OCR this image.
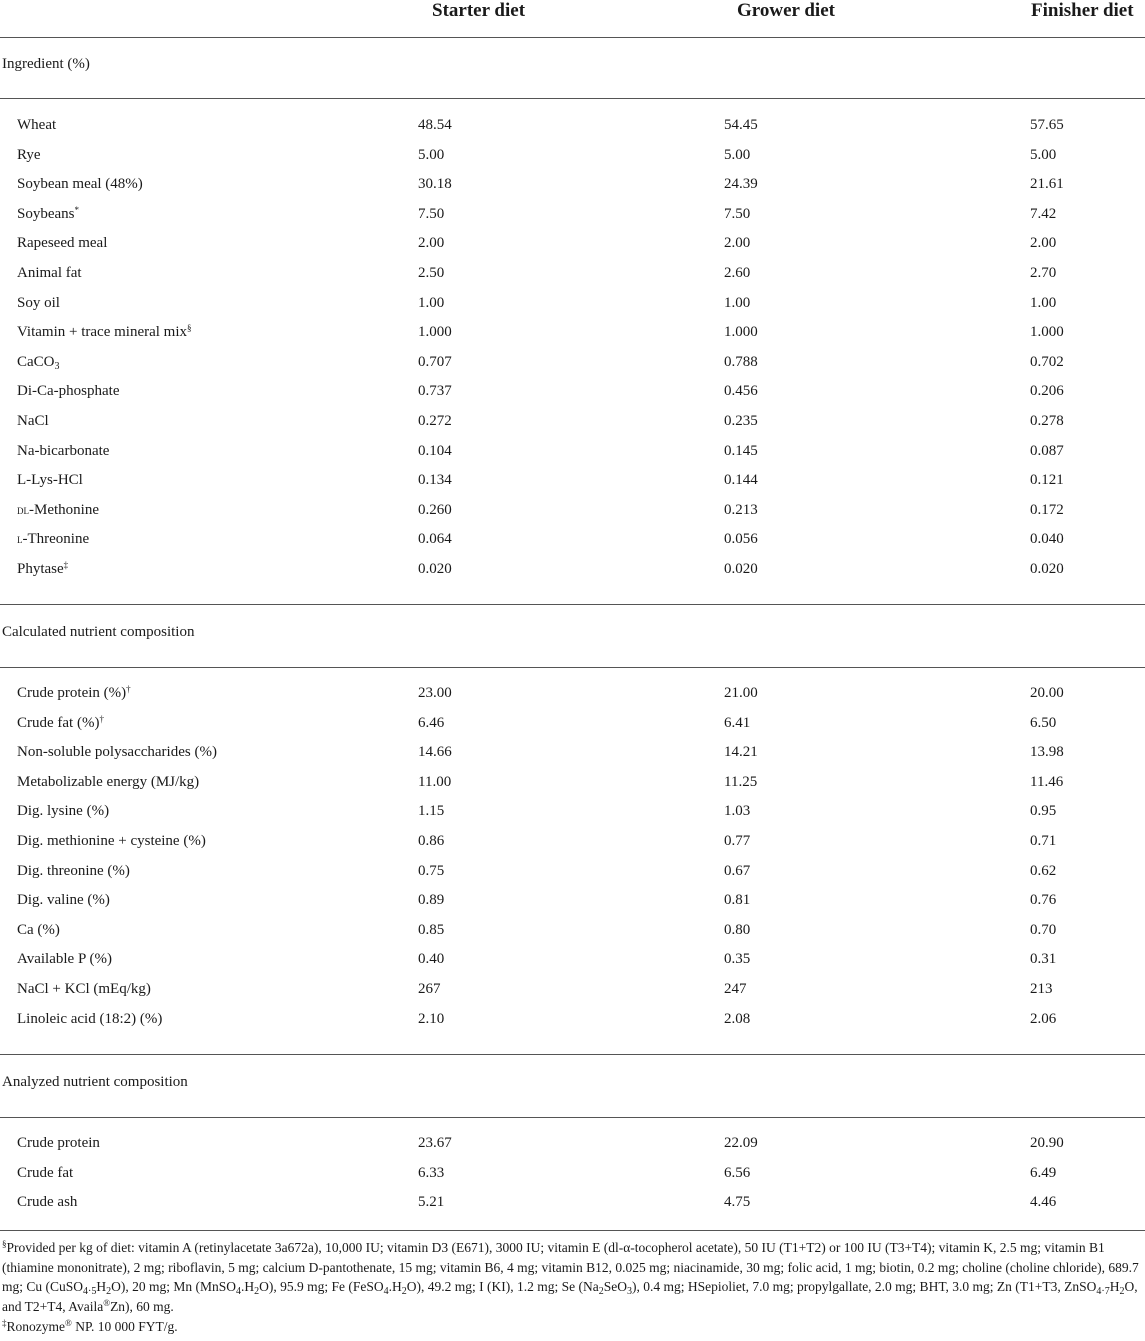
Starter diet	Grower diet	Finisher diet
Ingredient (%)
Wheat	48.54	54.45	57.65
Rye	5.00	5.00	5.00
Soybean meal (48%)	30.18	24.39	21.61
Soybeans*	7.50	7.50	7.42
Rapeseed meal	2.00	2.00	2.00
Animal fat	2.50	2.60	2.70
Soy oil	1.00	1.00	1.00
Vitamin + trace mineral mix§	1.000	1.000	1.000
CaCO$_3$	0.707	0.788	0.702
Di-Ca-phosphate	0.737	0.456	0.206
NaCl	0.272	0.235	0.278
Na-bicarbonate	0.104	0.145	0.087
L-Lys-HCl	0.134	0.144	0.121
dl-Methonine	0.260	0.213	0.172
l-Threonine	0.064	0.056	0.040
Phytase‡	0.020	0.020	0.020
Calculated nutrient composition
Crude protein (%)†	23.00	21.00	20.00
Crude fat (%)†	6.46	6.41	6.50
Non-soluble polysaccharides (%)	14.66	14.21	13.98
Metabolizable energy (MJ/kg)	11.00	11.25	11.46
Dig. lysine (%)	1.15	1.03	0.95
Dig. methionine + cysteine (%)	0.86	0.77	0.71
Dig. threonine (%)	0.75	0.67	0.62
Dig. valine (%)	0.89	0.81	0.76
Ca (%)	0.85	0.80	0.70
Available P (%)	0.40	0.35	0.31
NaCl + KCl (mEq/kg)	267	247	213
Linoleic acid (18:2) (%)	2.10	2.08	2.06
Analyzed nutrient composition
Crude protein	23.67	22.09	20.90
Crude fat	6.33	6.56	6.49
Crude ash	5.21	4.75	4.46
§Provided per kg of diet: vitamin A (retinylacetate 3a672a), 10,000 IU; vitamin D3 (E671), 3000 IU; vitamin E (dl-α-tocopherol acetate), 50 IU (T1+T2) or 100 IU (T3+T4); vitamin K, 2.5 mg; vitamin B1 (thiamine mononitrate), 2 mg; riboflavin, 5 mg; calcium D-pantothenate, 15 mg; vitamin B6, 4 mg; vitamin B12, 0.025 mg; niacinamide, 30 mg; folic acid, 1 mg; biotin, 0.2 mg; choline (choline chloride), 689.7 mg; Cu $(CuSO_{4\cdot 5}H_2O)$, 20 mg; Mn $(MnSO_4.H_2O)$, 95.9 mg; Fe $(FeSO_4.H_2O)$, 49.2 mg; I (KI), 1.2 mg; Se $(Na_2SeO_3)$, 0.4 mg; HSepioliet, 7.0 mg; propylgallate, 2.0 mg; BHT, 3.0 mg; Zn (T1+T3, $ZnSO_{4\cdot 7}H_2O$, and T2+T4, Availa®Zn), 60 mg.
‡Ronozyme® NP. 10 000 FYT/g.
